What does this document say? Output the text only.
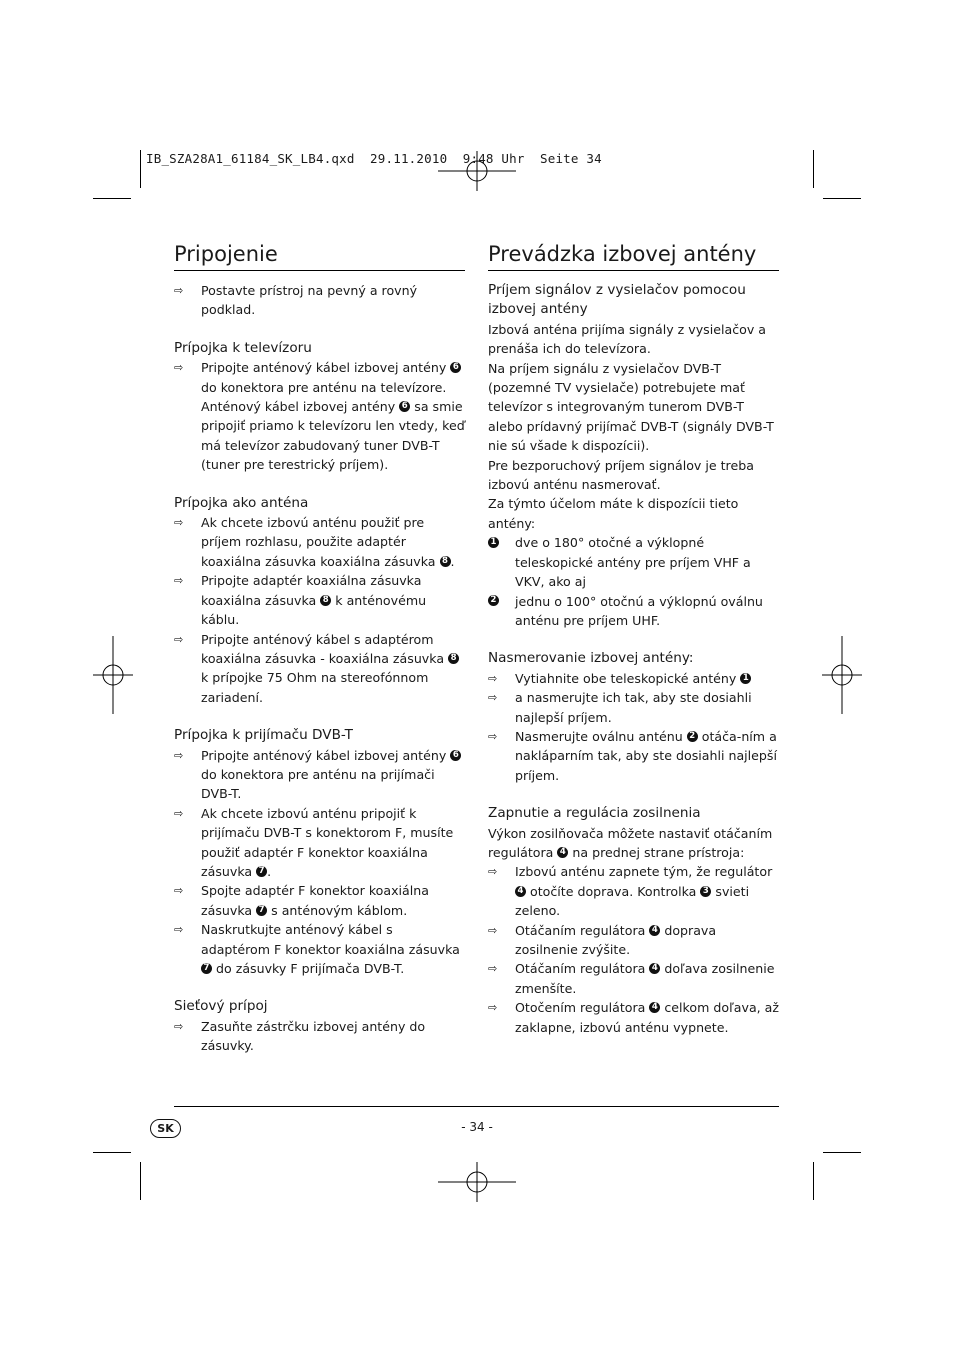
IB_SZA28A1_61184_SK_LB4.qxd  29.11.2010  9:48 Uhr  Seite 34
Pripojenie
⇨	Postavte prístroj na pevný a rovný podklad.
Prípojka k televízoru
⇨	Pripojte anténový kábel izbovej antény 6 do konektora pre anténu na televízore. Anténový kábel izbovej antény 6 sa smie pripojiť priamo k televízoru len vtedy, keď má televízor zabudovaný tuner DVB-T (tuner pre terestrický príjem).
Prípojka ako anténa
⇨	Ak chcete izbovú anténu použiť pre príjem rozhlasu, použite adaptér koaxiálna zásuvka koaxiálna zásuvka 8 .
⇨	Pripojte adaptér koaxiálna zásuvka koaxiálna zásuvka 8 k anténovému káblu.
⇨	Pripojte anténový kábel s adaptérom koaxiálna zásuvka - koaxiálna zásuvka 8 k prípojke 75 Ohm na stereofónnom zariadení.
Prípojka k prijímaču DVB-T
⇨	Pripojte anténový kábel izbovej antény 6 do konektora pre anténu na prijímači DVB-T.
⇨	Ak chcete izbovú anténu pripojiť k prijímaču DVB-T s konektorom F, musíte použiť adaptér F konektor koaxiálna zásuvka 7 .
⇨	Spojte adaptér F konektor koaxiálna zásuvka 7 s anténovým káblom.
⇨	Naskrutkujte anténový kábel s adaptérom F konektor koaxiálna zásuvka 7 do zásuvky F prijímača DVB-T.
Sieťový prípoj
⇨	Zasuňte zástrčku izbovej antény do zásuvky.
Prevádzka izbovej antény
Príjem signálov z vysielačov pomocou izbovej antény

Izbová anténa prijíma signály z vysielačov a prenáša ich do televízora.

Na príjem signálu z vysielačov DVB-T (pozemné TV vysielače) potrebujete mať televízor s integrovaným tunerom DVB-T alebo prídavný prijímač DVB-T (signály DVB-T nie sú všade k dispozícii).

Pre bezporuchový príjem signálov je treba izbovú anténu nasmerovať.

Za týmto účelom máte k dispozícii tieto antény:

1	dve o 180° otočné a výklopné teleskopické antény pre príjem VHF a VKV, ako aj
2	jednu o 100° otočnú a výklopnú oválnu anténu pre príjem UHF.
Nasmerovanie izbovej antény:
⇨	Vytiahnite obe teleskopické antény 1
⇨	a nasmerujte ich tak, aby ste dosiahli najlepší príjem.
⇨	Nasmerujte oválnu anténu 2 otáča-ním a nakláparním tak, aby ste dosiahli najlepší príjem.
Zapnutie a regulácia zosilnenia

Výkon zosilňovača môžete nastaviť otáčaním regulátora 4 na prednej strane prístroja:

⇨	Izbovú anténu zapnete tým, že regulátor 4 otočíte doprava. Kontrolka 3 svieti zeleno.
⇨	Otáčaním regulátora 4 doprava zosilnenie zvýšite.
⇨	Otáčaním regulátora 4 doľava zosilnenie zmenšíte.
⇨	Otočením regulátora 4 celkom doľava, až zaklapne, izbovú anténu vypnete.
SK	- 34 -
